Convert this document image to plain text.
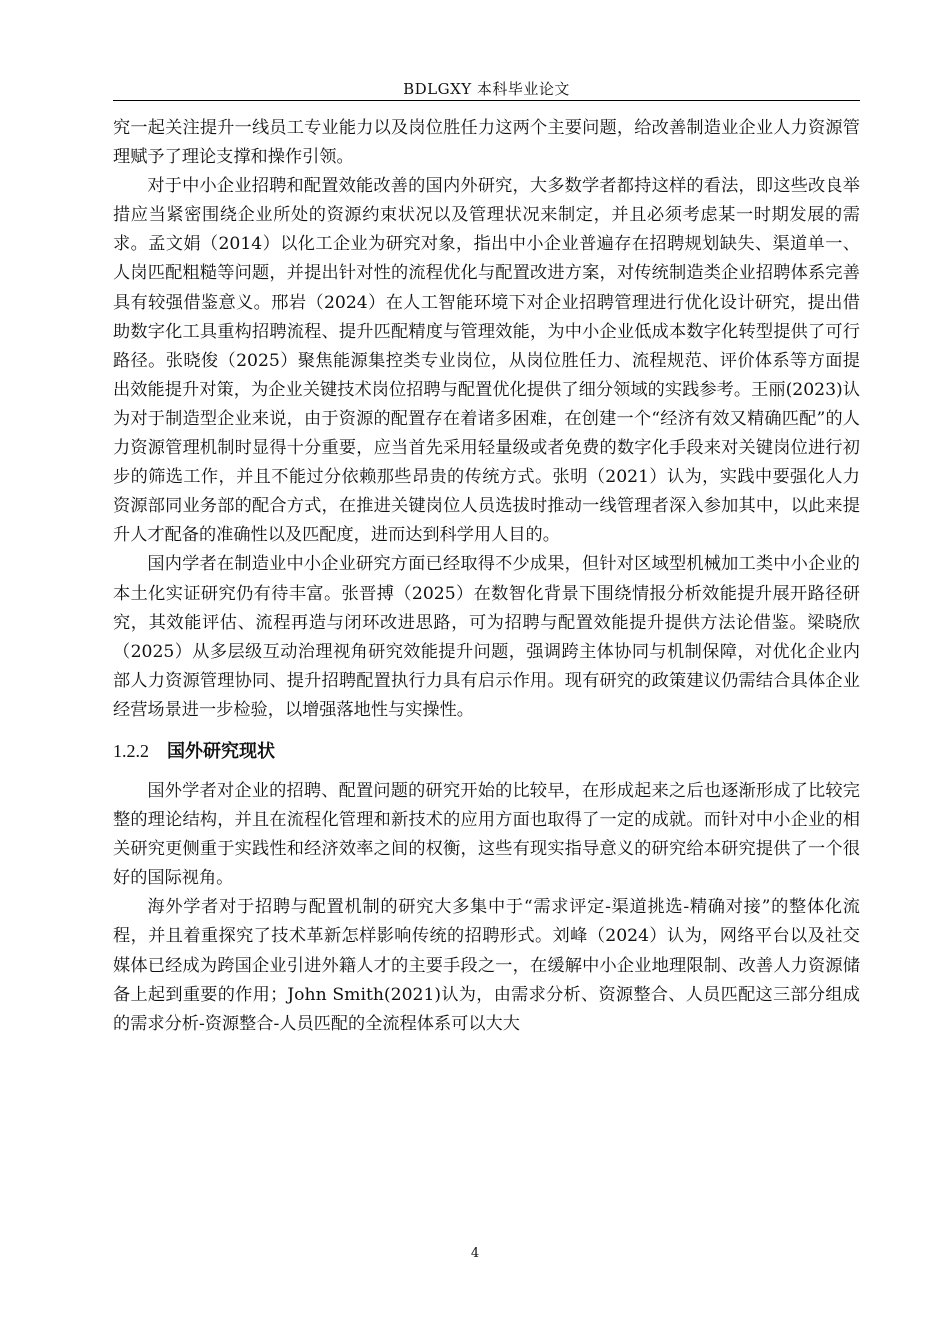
BDLGXY 本科毕业论文

究一起关注提升一线员工专业能力以及岗位胜任力这两个主要问题，给改善制造业企业人力资源管理赋予了理论支撑和操作引领。

对于中小企业招聘和配置效能改善的国内外研究，大多数学者都持这样的看法，即这些改良举措应当紧密围绕企业所处的资源约束状况以及管理状况来制定，并且必须考虑某一时期发展的需求。孟文娟（2014）以化工企业为研究对象，指出中小企业普遍存在招聘规划缺失、渠道单一、人岗匹配粗糙等问题，并提出针对性的流程优化与配置改进方案，对传统制造类企业招聘体系完善具有较强借鉴意义。邢岩（2024）在人工智能环境下对企业招聘管理进行优化设计研究，提出借助数字化工具重构招聘流程、提升匹配精度与管理效能，为中小企业低成本数字化转型提供了可行路径。张晓俊（2025）聚焦能源集控类专业岗位，从岗位胜任力、流程规范、评价体系等方面提出效能提升对策，为企业关键技术岗位招聘与配置优化提供了细分领域的实践参考。王丽(2023)认为对于制造型企业来说，由于资源的配置存在着诸多困难，在创建一个“经济有效又精确匹配”的人力资源管理机制时显得十分重要，应当首先采用轻量级或者免费的数字化手段来对关键岗位进行初步的筛选工作，并且不能过分依赖那些昂贵的传统方式。张明（2021）认为，实践中要强化人力资源部同业务部的配合方式，在推进关键岗位人员选拔时推动一线管理者深入参加其中，以此来提升人才配备的准确性以及匹配度，进而达到科学用人目的。

国内学者在制造业中小企业研究方面已经取得不少成果，但针对区域型机械加工类中小企业的本土化实证研究仍有待丰富。张晋搏（2025）在数智化背景下围绕情报分析效能提升展开路径研究，其效能评估、流程再造与闭环改进思路，可为招聘与配置效能提升提供方法论借鉴。梁晓欣（2025）从多层级互动治理视角研究效能提升问题，强调跨主体协同与机制保障，对优化企业内部人力资源管理协同、提升招聘配置执行力具有启示作用。现有研究的政策建议仍需结合具体企业经营场景进一步检验，以增强落地性与实操性。

1.2.2 国外研究现状

国外学者对企业的招聘、配置问题的研究开始的比较早，在形成起来之后也逐渐形成了比较完整的理论结构，并且在流程化管理和新技术的应用方面也取得了一定的成就。而针对中小企业的相关研究更侧重于实践性和经济效率之间的权衡，这些有现实指导意义的研究给本研究提供了一个很好的国际视角。

海外学者对于招聘与配置机制的研究大多集中于“需求评定-渠道挑选-精确对接”的整体化流程，并且着重探究了技术革新怎样影响传统的招聘形式。刘峰（2024）认为，网络平台以及社交媒体已经成为跨国企业引进外籍人才的主要手段之一，在缓解中小企业地理限制、改善人力资源储备上起到重要的作用；John Smith(2021)认为，由需求分析、资源整合、人员匹配这三部分组成的需求分析-资源整合-人员匹配的全流程体系可以大大

4
